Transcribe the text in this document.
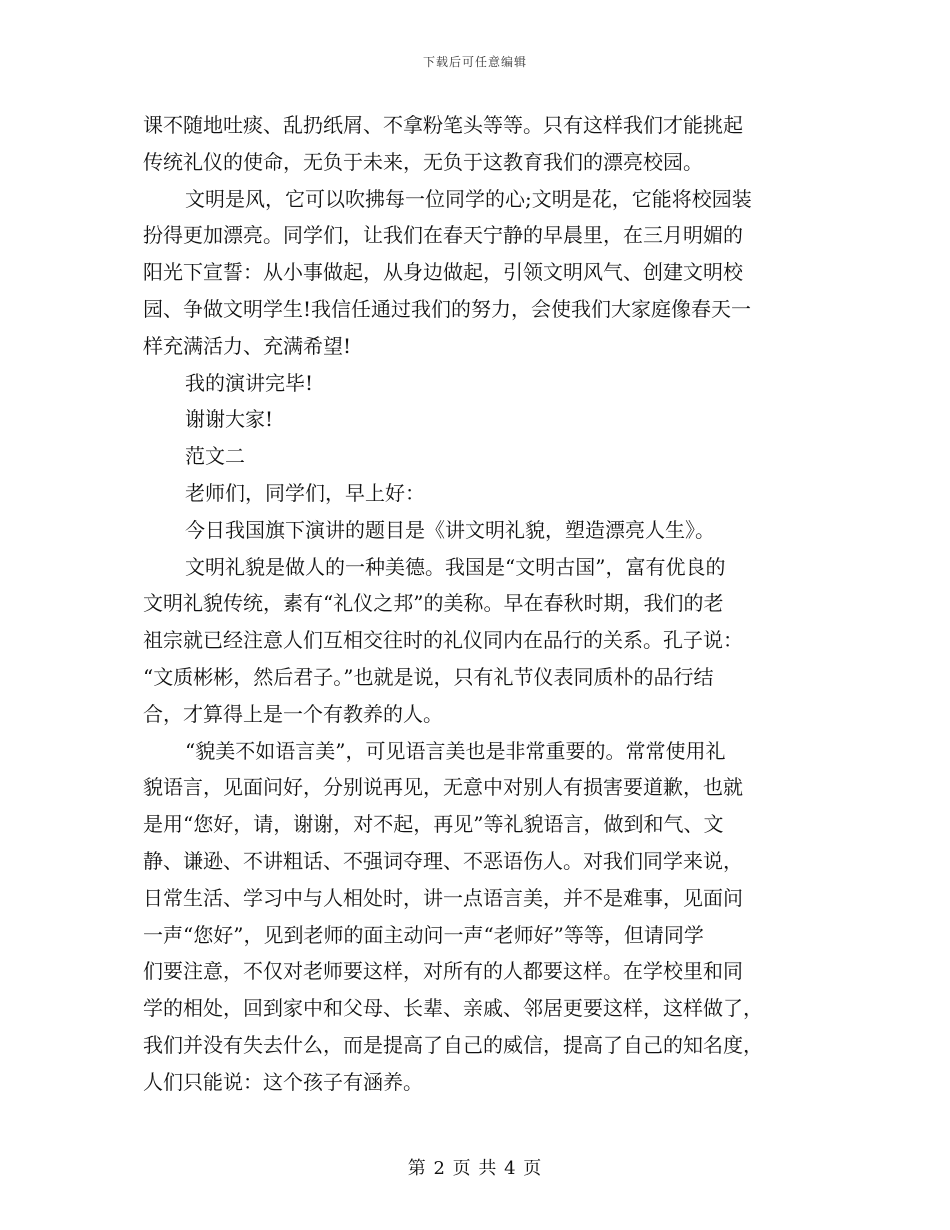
下载后可任意编辑
课不随地吐痰、乱扔纸屑、不拿粉笔头等等。只有这样我们才能挑起
传统礼仪的使命，无负于未来，无负于这教育我们的漂亮校园。
文明是风，它可以吹拂每一位同学的心;文明是花，它能将校园装
扮得更加漂亮。同学们，让我们在春天宁静的早晨里，在三月明媚的
阳光下宣誓：从小事做起，从身边做起，引领文明风气、创建文明校
园、争做文明学生!我信任通过我们的努力，会使我们大家庭像春天一
样充满活力、充满希望!
我的演讲完毕!
谢谢大家!
范文二
老师们，同学们，早上好：
今日我国旗下演讲的题目是《讲文明礼貌，塑造漂亮人生》。
文明礼貌是做人的一种美德。我国是“文明古国”，富有优良的
文明礼貌传统，素有“礼仪之邦”的美称。早在春秋时期，我们的老
祖宗就已经注意人们互相交往时的礼仪同内在品行的关系。孔子说：
“文质彬彬，然后君子。”也就是说，只有礼节仪表同质朴的品行结
合，才算得上是一个有教养的人。
“貌美不如语言美”，可见语言美也是非常重要的。常常使用礼
貌语言，见面问好，分别说再见，无意中对别人有损害要道歉，也就
是用“您好，请，谢谢，对不起，再见”等礼貌语言，做到和气、文
静、谦逊、不讲粗话、不强词夺理、不恶语伤人。对我们同学来说，
日常生活、学习中与人相处时，讲一点语言美，并不是难事，见面问
一声“您好”，见到老师的面主动问一声“老师好”等等，但请同学
们要注意，不仅对老师要这样，对所有的人都要这样。在学校里和同
学的相处，回到家中和父母、长辈、亲戚、邻居更要这样，这样做了，
我们并没有失去什么，而是提高了自己的威信，提高了自己的知名度，
人们只能说：这个孩子有涵养。
第 2 页 共 4 页
